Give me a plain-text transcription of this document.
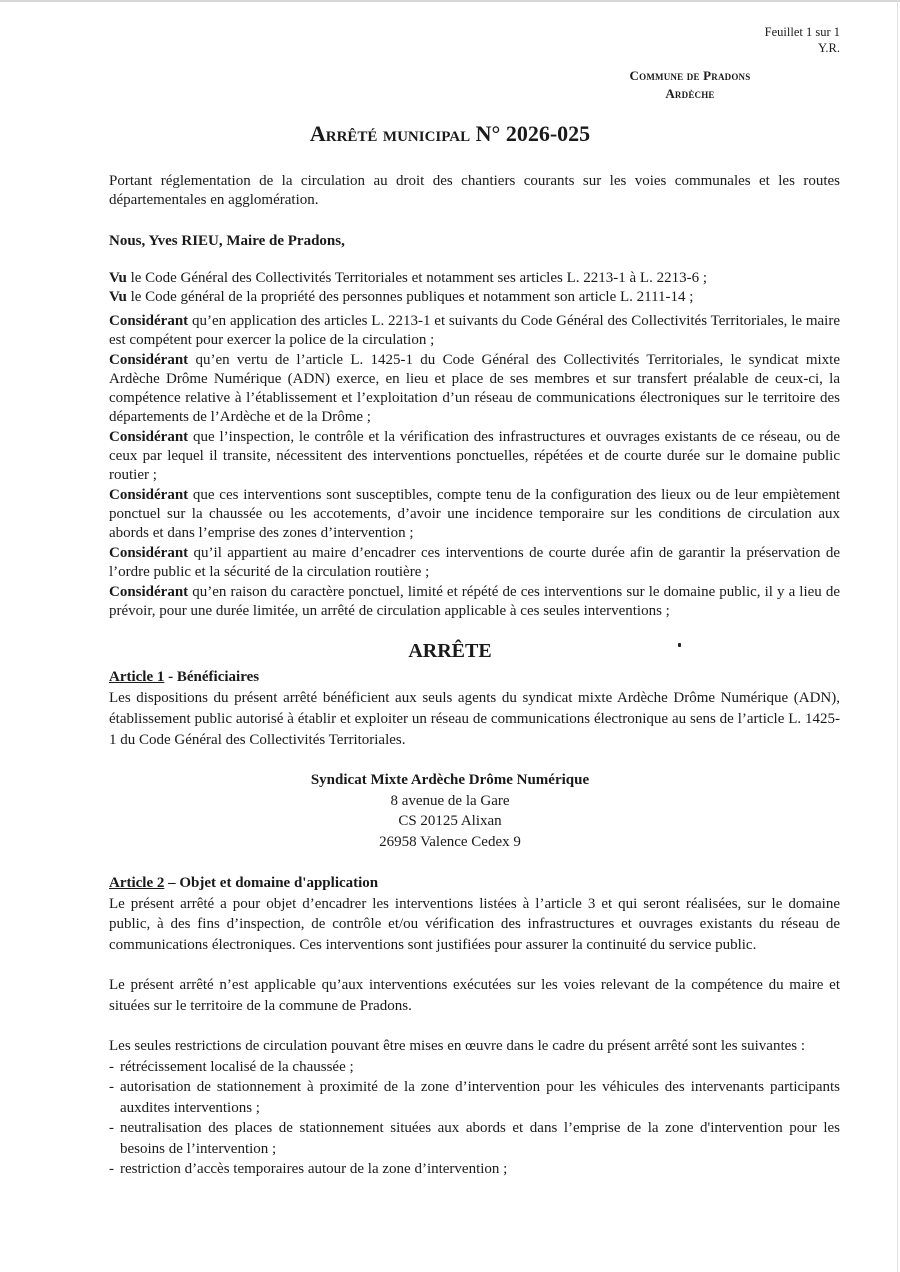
Feuillet 1 sur 1
Y.R.
Commune de Pradons
Ardèche
Arrêté municipal N° 2026-025
Portant réglementation de la circulation au droit des chantiers courants sur les voies communales et les routes départementales en agglomération.
Nous, Yves RIEU, Maire de Pradons,

Vu le Code Général des Collectivités Territoriales et notamment ses articles L. 2213-1 à L. 2213-6 ;

Vu le Code général de la propriété des personnes publiques et notamment son article L. 2111-14 ;

Considérant qu’en application des articles L. 2213-1 et suivants du Code Général des Collectivités Territoriales, le maire est compétent pour exercer la police de la circulation ;

Considérant qu’en vertu de l’article L. 1425-1 du Code Général des Collectivités Territoriales, le syndicat mixte Ardèche Drôme Numérique (ADN) exerce, en lieu et place de ses membres et sur transfert préalable de ceux-ci, la compétence relative à l’établissement et l’exploitation d’un réseau de communications électroniques sur le territoire des départements de l’Ardèche et de la Drôme ;

Considérant que l’inspection, le contrôle et la vérification des infrastructures et ouvrages existants de ce réseau, ou de ceux par lequel il transite, nécessitent des interventions ponctuelles, répétées et de courte durée sur le domaine public routier ;

Considérant que ces interventions sont susceptibles, compte tenu de la configuration des lieux ou de leur empiètement ponctuel sur la chaussée ou les accotements, d’avoir une incidence temporaire sur les conditions de circulation aux abords et dans l’emprise des zones d’intervention ;

Considérant qu’il appartient au maire d’encadrer ces interventions de courte durée afin de garantir la préservation de l’ordre public et la sécurité de la circulation routière ;

Considérant qu’en raison du caractère ponctuel, limité et répété de ces interventions sur le domaine public, il y a lieu de prévoir, pour une durée limitée, un arrêté de circulation applicable à ces seules interventions ;

ARRÊTE
Article 1 - Bénéficiaires

Les dispositions du présent arrêté bénéficient aux seuls agents du syndicat mixte Ardèche Drôme Numérique (ADN), établissement public autorisé à établir et exploiter un réseau de communications électronique au sens de l’article L. 1425-1 du Code Général des Collectivités Territoriales.

Syndicat Mixte Ardèche Drôme Numérique
8 avenue de la Gare
CS 20125 Alixan
26958 Valence Cedex 9
Article 2 – Objet et domaine d'application

Le présent arrêté a pour objet d’encadrer les interventions listées à l’article 3 et qui seront réalisées, sur le domaine public, à des fins d’inspection, de contrôle et/ou vérification des infrastructures et ouvrages existants du réseau de communications électroniques. Ces interventions sont justifiées pour assurer la continuité du service public.

Le présent arrêté n’est applicable qu’aux interventions exécutées sur les voies relevant de la compétence du maire et situées sur le territoire de la commune de Pradons.

Les seules restrictions de circulation pouvant être mises en œuvre dans le cadre du présent arrêté sont les suivantes :

- rétrécissement localisé de la chaussée ;
- autorisation de stationnement à proximité de la zone d’intervention pour les véhicules des intervenants participants auxdites interventions ;
- neutralisation des places de stationnement situées aux abords et dans l’emprise de la zone d'intervention pour les besoins de l’intervention ;
- restriction d’accès temporaires autour de la zone d’intervention ;
